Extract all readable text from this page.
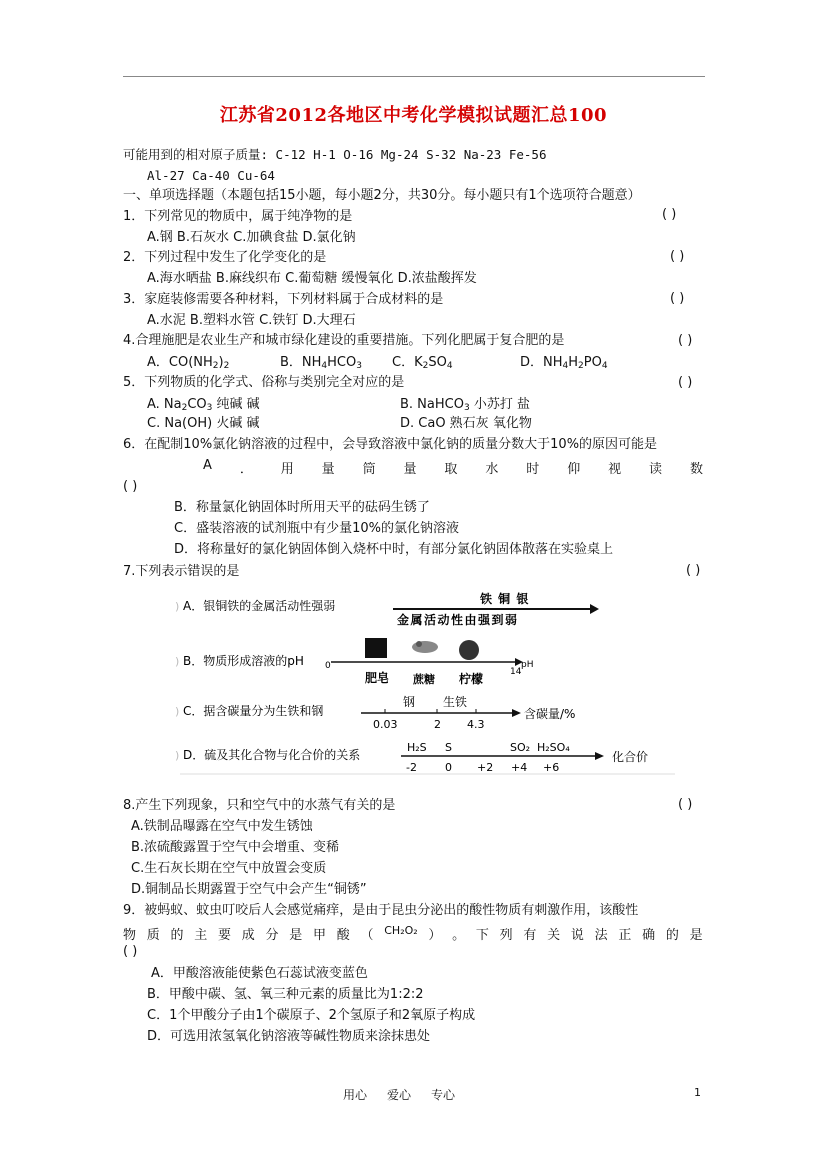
江苏省2012各地区中考化学模拟试题汇总100
可能用到的相对原子质量: C-12 H-1 O-16 Mg-24 S-32 Na-23 Fe-56
Al-27 Ca-40 Cu-64
一、单项选择题（本题包括15小题，每小题2分，共30分。每小题只有1个选项符合题意）
1．下列常见的物质中，属于纯净物的是	( )
A.钢 B.石灰水 C.加碘食盐 D.氯化钠
2．下列过程中发生了化学变化的是	( )
A.海水晒盐 B.麻线织布 C.葡萄糖 缓慢氧化 D.浓盐酸挥发
3．家庭装修需要各种材料，下列材料属于合成材料的是	( )
A.水泥 B.塑料水管 C.铁钉 D.大理石
4.合理施肥是农业生产和城市绿化建设的重要措施。下列化肥属于复合肥的是	( )
A．$CO(NH_2)_2$	B．$NH_4HCO_3$ C．$K_2SO_4$	D．$NH_4H_2PO_4$
5．下列物质的化学式、俗称与类别完全对应的是	( )
A. $Na_2CO_3$ 纯碱 碱	B. NaHCO$_3$ 小苏打 盐
C. Na(OH) 火碱 碱	D. CaO 熟石灰 氧化物
6．在配制10%氯化钠溶液的过程中，会导致溶液中氯化钠的质量分数大于10%的原因可能是
A ． 用 量 筒 量 取 水 时 仰 视 读 数
( )
B．称量氯化钠固体时所用天平的砝码生锈了
C．盛装溶液的试剂瓶中有少量10%的氯化钠溶液
D．将称量好的氯化钠固体倒入烧杯中时，有部分氯化钠固体散落在实验桌上
7.下列表示错误的是	( )
) A．银铜铁的金属活动性强弱	铁 铜 银
金属活动性由强到弱
) B．物质形成溶液的pH 0
14
pH
肥皂 蔗糖 柠檬
) C．据含碳量分为生铁和钢
钢 生铁
0.03	2 4.3
含碳量/%
) D．硫及其化合物与化合价的关系
H₂S S	SO₂ H₂SO₄
-2	0 +2 +4 +6
化合价
8.产生下列现象，只和空气中的水蒸气有关的是	( )
A.铁制品曝露在空气中发生锈蚀
B.浓硫酸露置于空气中会增重、变稀
C.生石灰长期在空气中放置会变质
D.铜制品长期露置于空气中会产生“铜锈”
9．被蚂蚁、蚊虫叮咬后人会感觉痛痒，是由于昆虫分泌出的酸性物质有刺激作用，该酸性
物 质 的 主 要 成 分 是 甲 酸 （ CH₂O₂ ） 。 下 列 有 关 说 法 正 确 的 是
( )
A．甲酸溶液能使紫色石蕊试液变蓝色
B．甲酸中碳、氢、氧三种元素的质量比为1:2:2
C．1个甲酸分子由1个碳原子、2个氢原子和2氧原子构成
D．可选用浓氢氧化钠溶液等碱性物质来涂抹患处
用心 爱心 专心	1
